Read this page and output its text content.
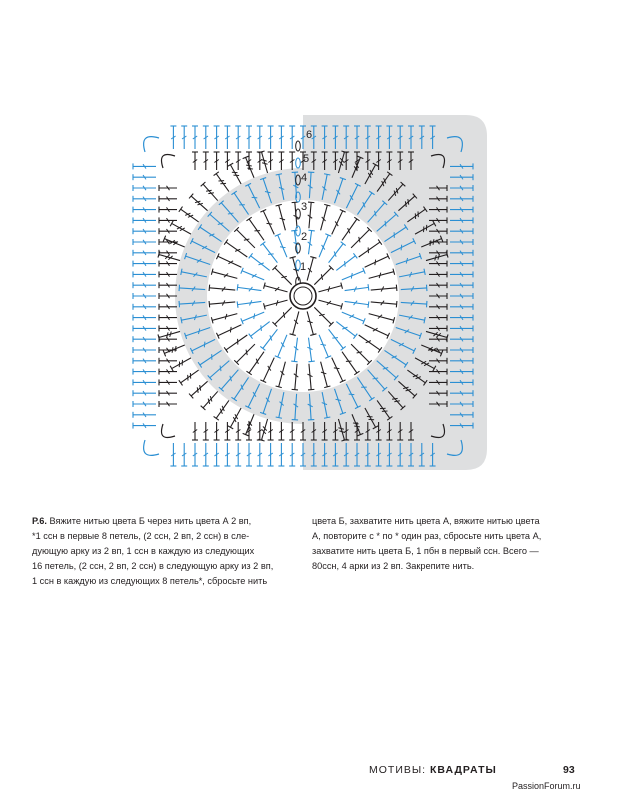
1
2
3
4
5
6
Р.6. Вяжите нитью цвета Б через нить цвета А 2 вп,
*1 ссн в первые 8 петель, (2 ссн, 2 вп, 2 ссн) в сле-
дующую арку из 2 вп, 1 ссн в каждую из следующих
16 петель, (2 ссн, 2 вп, 2 ссн) в следующую арку из 2 вп,
1 ссн в каждую из следующих 8 петель*, сбросьте нить
цвета Б, захватите нить цвета А, вяжите нитью цвета
А, повторите с * по * один раз, сбросьте нить цвета А,
захватите нить цвета Б, 1 пбн в первый ссн. Всего —
80ссн, 4 арки из 2 вп. Закрепите нить.
МОТИВЫ: КВАДРАТЫ	93
PassionForum.ru
